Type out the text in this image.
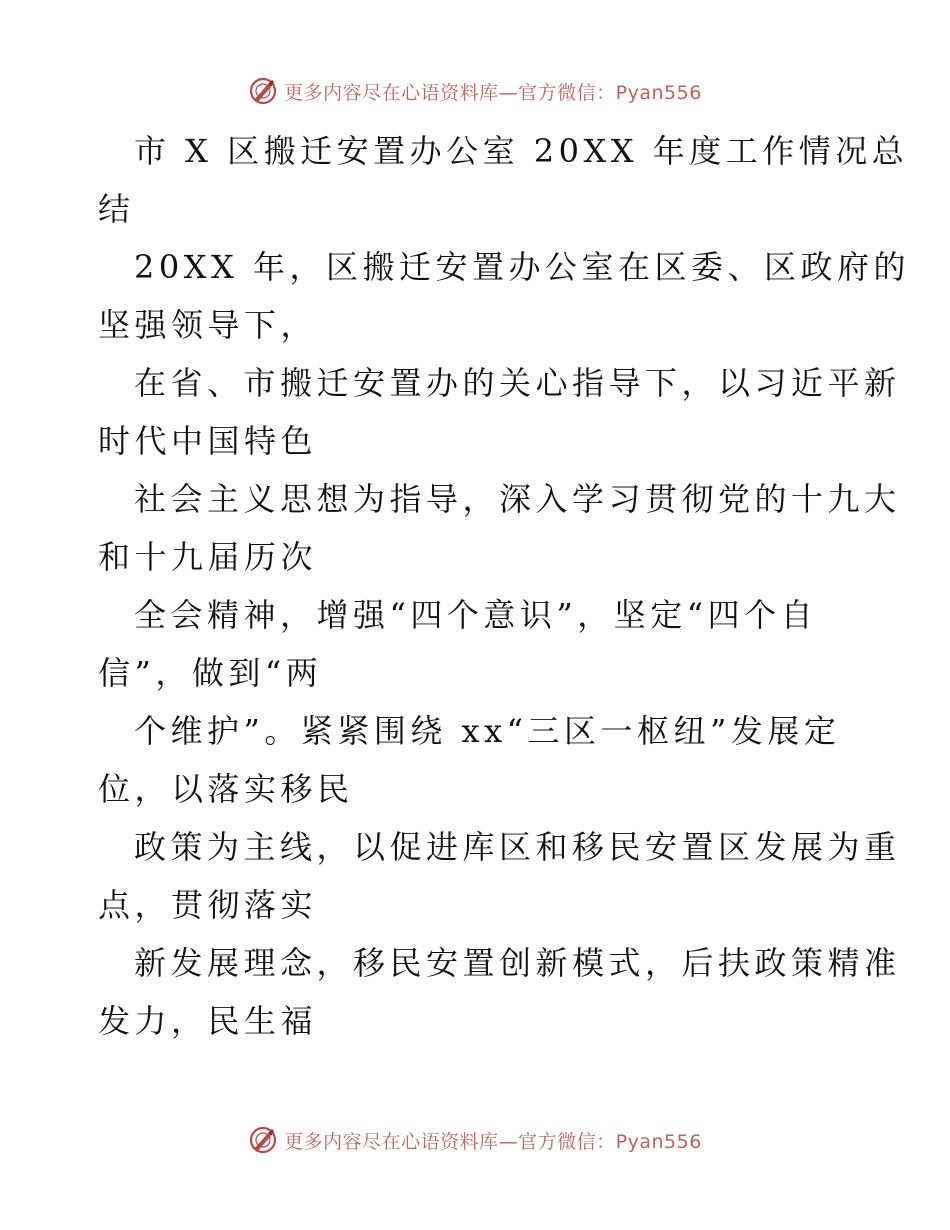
更多内容尽在心语资料库—官方微信：Pyan556
市 X 区搬迁安置办公室 20XX 年度工作情况总
结
20XX 年，区搬迁安置办公室在区委、区政府的
坚强领导下，
在省、市搬迁安置办的关心指导下，以习近平新
时代中国特色
社会主义思想为指导，深入学习贯彻党的十九大
和十九届历次
全会精神，增强“四个意识”，坚定“四个自
信”，做到“两
个维护”。紧紧围绕 xx“三区一枢纽”发展定
位，以落实移民
政策为主线，以促进库区和移民安置区发展为重
点，贯彻落实
新发展理念，移民安置创新模式，后扶政策精准
发力，民生福
更多内容尽在心语资料库—官方微信：Pyan556
